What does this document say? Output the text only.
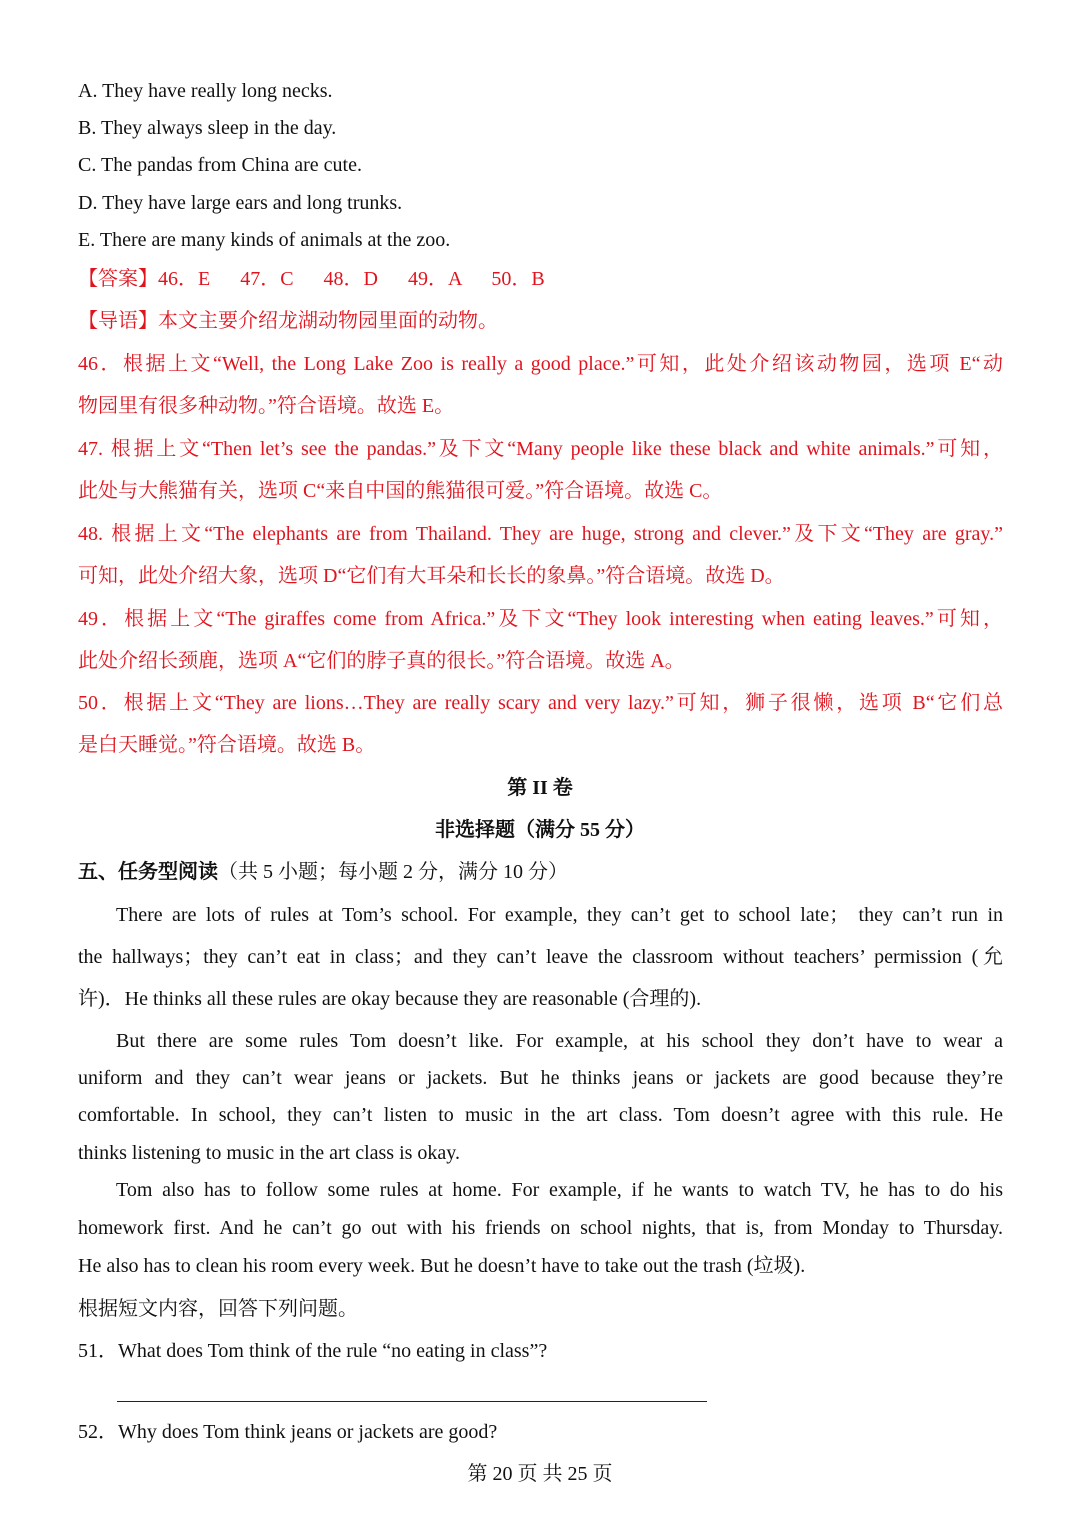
A. They have really long necks.
B. They always sleep in the day.
C. The pandas from China are cute.
D. They have large ears and long trunks.
E. There are many kinds of animals at the zoo.
【答案】46．E      47．C      48．D      49．A      50．B
【导语】本文主要介绍龙湖动物园里面的动物。
46．根据上文“Well, the Long Lake Zoo is really a good place.”可知，此处介绍该动物园，选项 E“动
物园里有很多种动物。”符合语境。故选 E。
47. 根据上文“Then let’s see the pandas.”及下文“Many people like these black and white animals.”可知，
此处与大熊猫有关，选项 C“来自中国的熊猫很可爱。”符合语境。故选 C。
48. 根据上文“The elephants are from Thailand. They are huge, strong and clever.”及下文“They are gray.”
可知，此处介绍大象，选项 D“它们有大耳朵和长长的象鼻。”符合语境。故选 D。
49．根据上文“The giraffes come from Africa.”及下文“They look interesting when eating leaves.”可知，
此处介绍长颈鹿，选项 A“它们的脖子真的很长。”符合语境。故选 A。
50．根据上文“They are lions…They are really scary and very lazy.”可知，狮子很懒，选项 B“它们总
是白天睡觉。”符合语境。故选 B。
第 II 卷
非选择题（满分 55 分）
五、任务型阅读（共 5 小题；每小题 2 分，满分 10 分）
There are lots of rules at Tom’s school. For example, they can’t get to school late； they can’t run in
the hallways；they can’t eat in class；and they can’t leave the classroom without teachers’ permission (允
许)．He thinks all these rules are okay because they are reasonable (合理的).
But there are some rules Tom doesn’t like. For example, at his school they don’t have to wear a
uniform and they can’t wear jeans or jackets. But he thinks jeans or jackets are good because they’re
comfortable. In school, they can’t listen to music in the art class. Tom doesn’t agree with this rule. He
thinks listening to music in the art class is okay.
Tom also has to follow some rules at home. For example, if he wants to watch TV, he has to do his
homework first. And he can’t go out with his friends on school nights, that is, from Monday to Thursday.
He also has to clean his room every week. But he doesn’t have to take out the trash (垃圾).
根据短文内容，回答下列问题。
51．What does Tom think of the rule “no eating in class”?
52．Why does Tom think jeans or jackets are good?
第 20 页 共 25 页
